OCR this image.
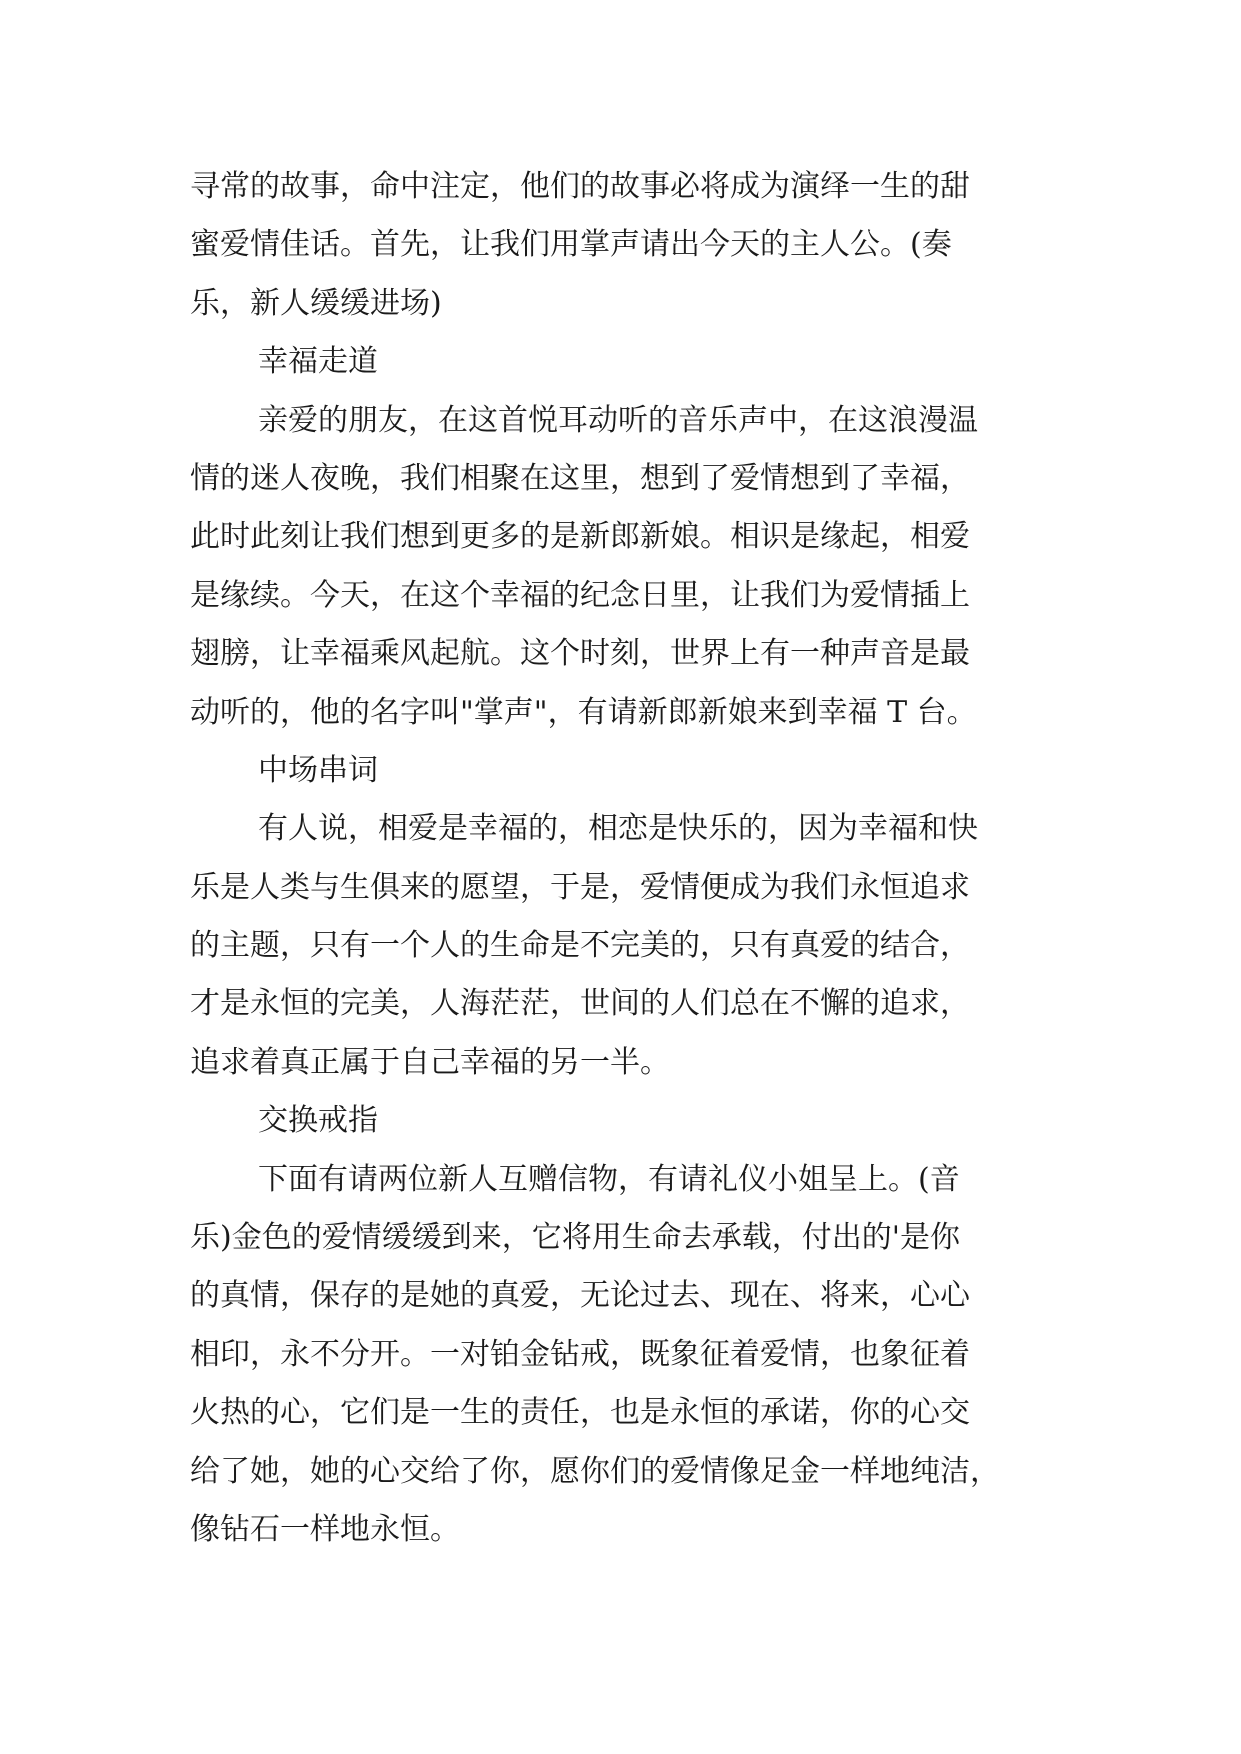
寻常的故事，命中注定，他们的故事必将成为演绎一生的甜
蜜爱情佳话。首先，让我们用掌声请出今天的主人公。(奏
乐，新人缓缓进场)
幸福走道
亲爱的朋友，在这首悦耳动听的音乐声中，在这浪漫温
情的迷人夜晚，我们相聚在这里，想到了爱情想到了幸福，
此时此刻让我们想到更多的是新郎新娘。相识是缘起，相爱
是缘续。今天，在这个幸福的纪念日里，让我们为爱情插上
翅膀，让幸福乘风起航。这个时刻，世界上有一种声音是最
动听的，他的名字叫"掌声"，有请新郎新娘来到幸福 T 台。
中场串词
有人说，相爱是幸福的，相恋是快乐的，因为幸福和快
乐是人类与生俱来的愿望，于是，爱情便成为我们永恒追求
的主题，只有一个人的生命是不完美的，只有真爱的结合，
才是永恒的完美，人海茫茫，世间的人们总在不懈的追求，
追求着真正属于自己幸福的另一半。
交换戒指
下面有请两位新人互赠信物，有请礼仪小姐呈上。(音
乐)金色的爱情缓缓到来，它将用生命去承载，付出的'是你
的真情，保存的是她的真爱，无论过去、现在、将来，心心
相印，永不分开。一对铂金钻戒，既象征着爱情，也象征着
火热的心，它们是一生的责任，也是永恒的承诺，你的心交
给了她，她的心交给了你，愿你们的爱情像足金一样地纯洁，
像钻石一样地永恒。
